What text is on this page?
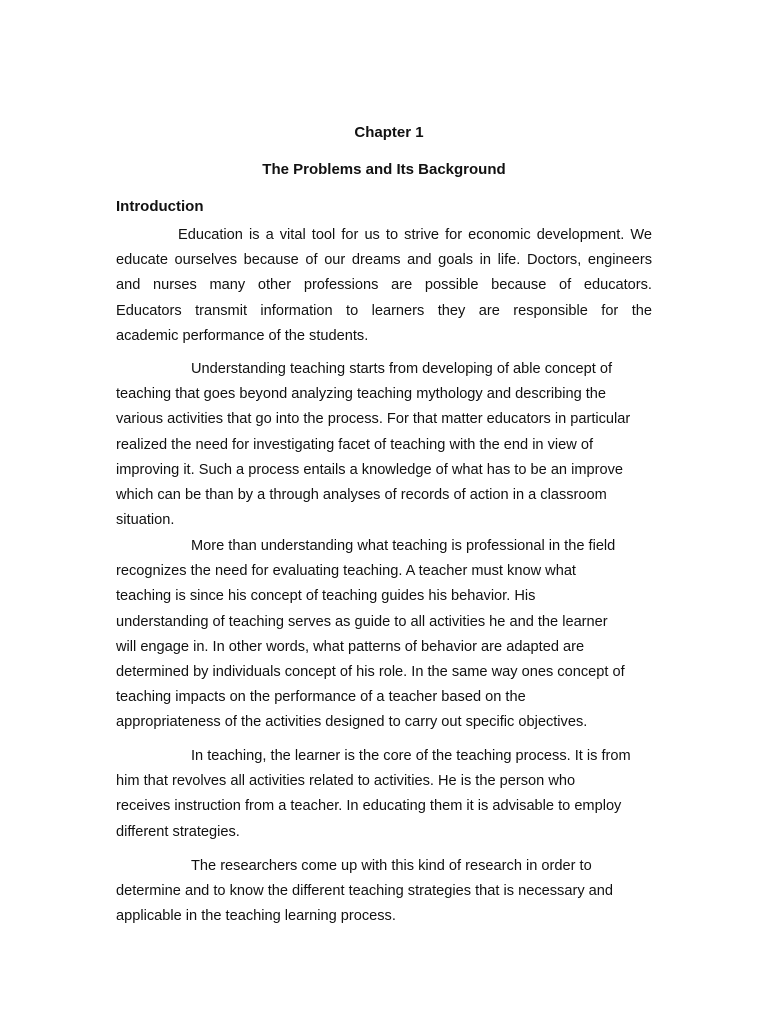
Chapter 1
The Problems and Its Background
Introduction
Education is a vital tool for us to strive for economic development. We
educate ourselves because of our dreams and goals in life. Doctors, engineers
and nurses many other professions are possible because of educators.
Educators transmit information to learners they are responsible for the
academic performance of the students.
Understanding teaching starts from developing of able concept of
teaching that goes beyond analyzing teaching mythology and describing the
various activities that go into the process. For that matter educators in particular
realized the need for investigating facet of teaching with the end in view of
improving it. Such a process entails a knowledge of what has to be an improve
which can be than by a through analyses of records of action in a classroom
situation.
More than understanding what teaching is professional in the field
recognizes the need for evaluating teaching. A teacher must know what
teaching is since his concept of teaching guides his behavior. His
understanding of teaching serves as guide to all activities he and the learner
will engage in. In other words, what patterns of behavior are adapted are
determined by individuals concept of his role. In the same way ones concept of
teaching impacts on the performance of a teacher based on the
appropriateness of the activities designed to carry out specific objectives.
In teaching, the learner is the core of the teaching process. It is from
him that revolves all activities related to activities. He is the person who
receives instruction from a teacher. In educating them it is advisable to employ
different strategies.
The researchers come up with this kind of research in order to
determine and to know the different teaching strategies that is necessary and
applicable in the teaching learning process.
